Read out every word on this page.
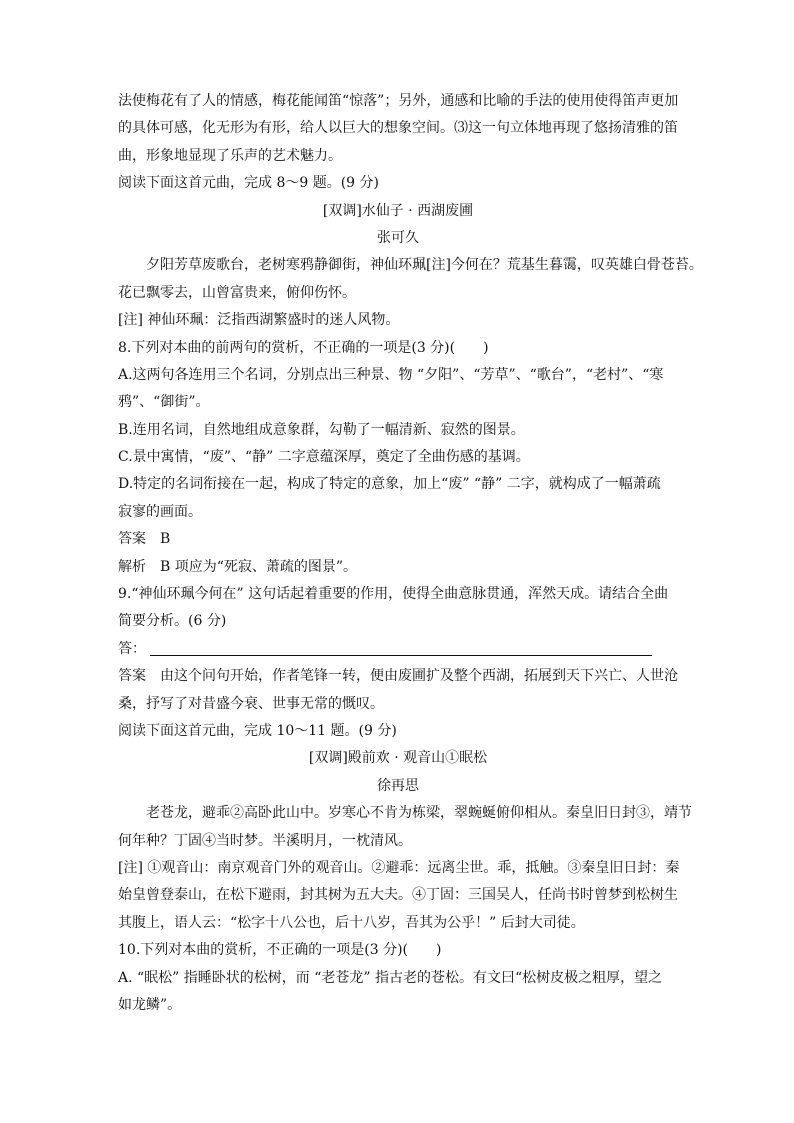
法使梅花有了人的情感，梅花能闻笛“惊落”；另外，通感和比喻的手法的使用使得笛声更加
的具体可感，化无形为有形，给人以巨大的想象空间。⑶这一句立体地再现了悠扬清雅的笛
曲，形象地显现了乐声的艺术魅力。
阅读下面这首元曲，完成 8～9 题。(9 分)
[双调]水仙子 · 西湖废圃
张可久
夕阳芳草废歌台，老树寒鸦静御街，神仙环珮[注]今何在？荒基生暮霭，叹英雄白骨苍苔。
花已飘零去，山曾富贵来，俯仰伤怀。
[注] 神仙环珮：泛指西湖繁盛时的迷人风物。
8.下列对本曲的前两句的赏析，不正确的一项是(3 分)(　　)
A.这两句各连用三个名词，分别点出三种景、物 “夕阳”、“芳草”、“歌台”，“老村”、“寒
鸦”、“御街”。
B.连用名词，自然地组成意象群，勾勒了一幅清新、寂然的图景。
C.景中寓情，“废”、“静” 二字意蕴深厚，奠定了全曲伤感的基调。
D.特定的名词衔接在一起，构成了特定的意象，加上“废” “静” 二字，就构成了一幅萧疏
寂寥的画面。
答案　B
解析　B 项应为“死寂、萧疏的图景”。
9.“神仙环珮今何在” 这句话起着重要的作用，使得全曲意脉贯通，浑然天成。请结合全曲
简要分析。(6 分)
答：
答案　由这个问句开始，作者笔锋一转，便由废圃扩及整个西湖，拓展到天下兴亡、人世沧
桑，抒写了对昔盛今衰、世事无常的慨叹。
阅读下面这首元曲，完成 10～11 题。(9 分)
[双调]殿前欢 · 观音山①眠松
徐再思
老苍龙，避乖②高卧此山中。岁寒心不肯为栋梁，翠蜿蜒俯仰相从。秦皇旧日封③，靖节
何年种？丁固④当时梦。半溪明月，一枕清风。
[注] ①观音山：南京观音门外的观音山。②避乖：远离尘世。乖，抵触。③秦皇旧日封：秦
始皇曾登泰山，在松下避雨，封其树为五大夫。④丁固：三国吴人，任尚书时曾梦到松树生
其腹上，语人云：“松字十八公也，后十八岁，吾其为公乎！” 后封大司徒。
10.下列对本曲的赏析，不正确的一项是(3 分)(　　)
A. “眠松” 指睡卧状的松树，而 “老苍龙” 指古老的苍松。有文曰“松树皮极之粗厚，望之
如龙鳞”。
